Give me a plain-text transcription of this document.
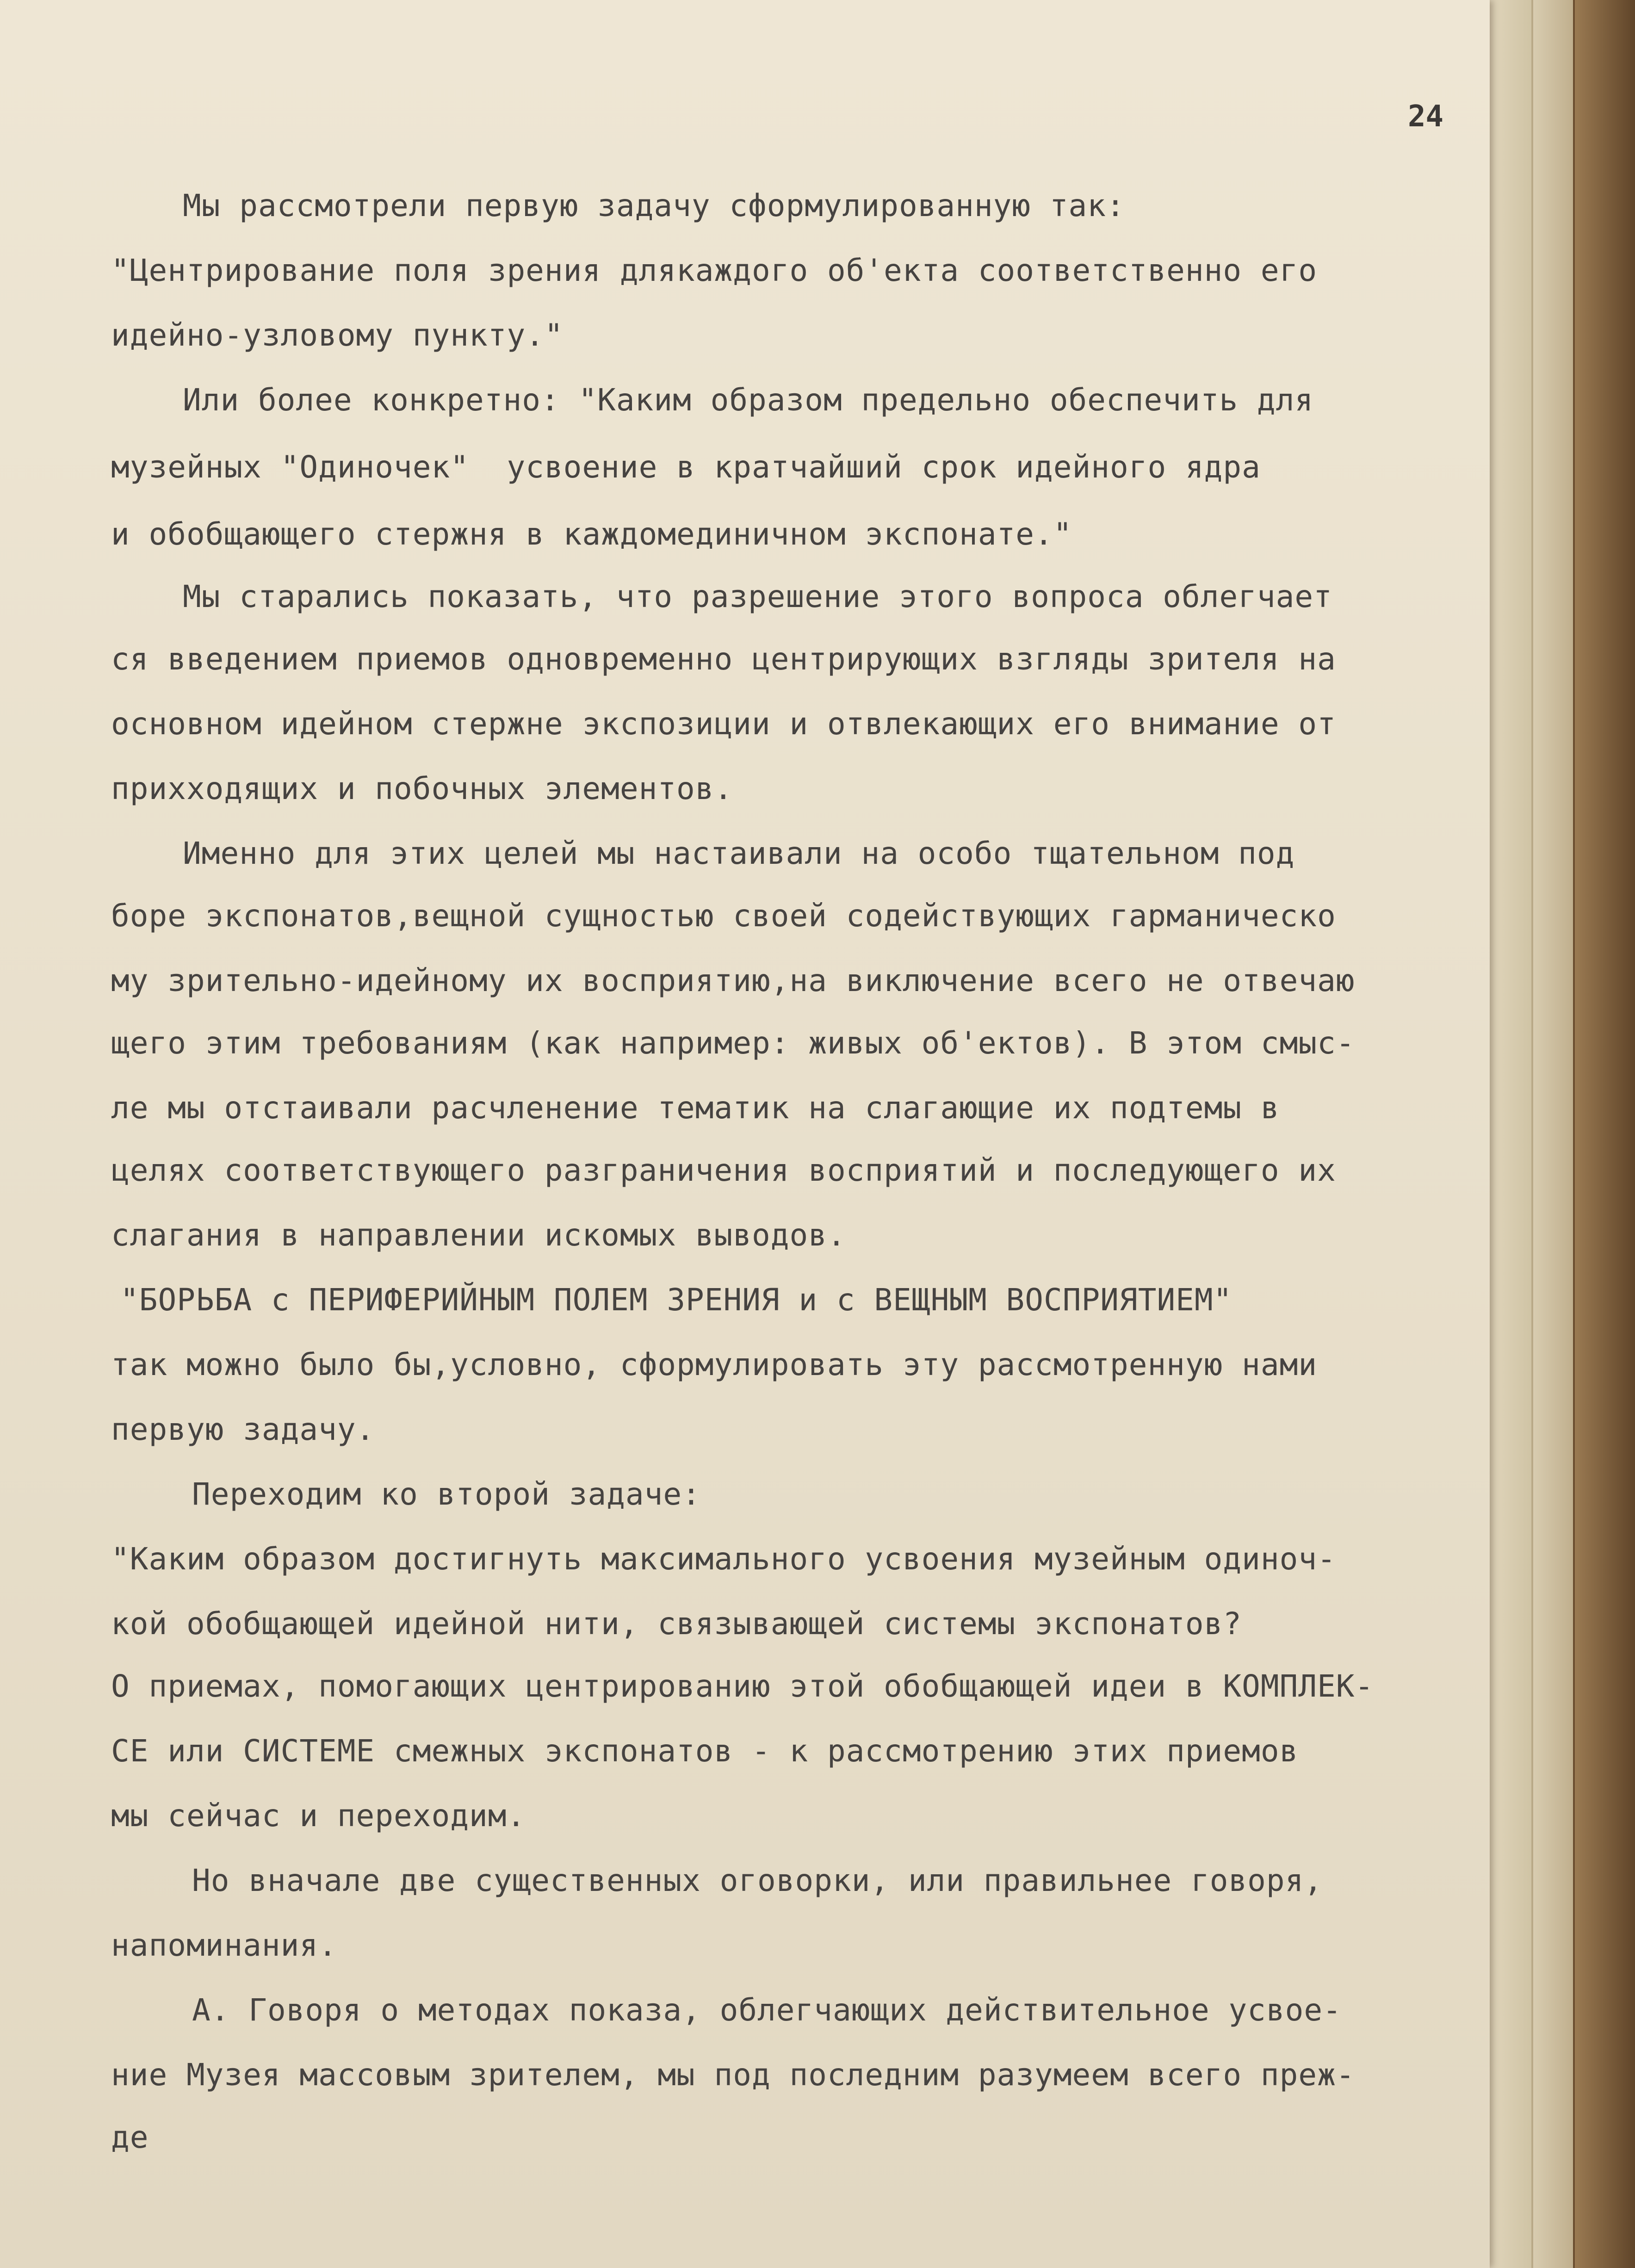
24
Мы рассмотрели первую задачу сформулированную так:
"Центрирование поля зрения длякаждого об'екта соответственно его
идейно-узловому пункту."
Или более конкретно: "Каким образом предельно обеспечить для
музейных "Одиночек"  усвоение в кратчайший срок идейного ядра
и обобщающего стержня в каждомединичном экспонате."
Мы старались показать, что разрешение этого вопроса облегчает
ся введением приемов одновременно центрирующих взгляды зрителя на
основном идейном стержне экспозиции и отвлекающих его внимание от
прихходящих и побочных элементов.
Именно для этих целей мы настаивали на особо тщательном под
боре экспонатов,вещной сущностью своей содействующих гарманическо
му зрительно-идейному их восприятию,на виключение всего не отвечаю
щего этим требованиям (как например: живых об'ектов). В этом смыс-
ле мы отстаивали расчленение тематик на слагающие их подтемы в
целях соответствующего разграничения восприятий и последующего их
слагания в направлении искомых выводов.
"БОРЬБА с ПЕРИФЕРИЙНЫМ ПОЛЕМ ЗРЕНИЯ и с ВЕЩНЫМ ВОСПРИЯТИЕМ"
так можно было бы,условно, сформулировать эту рассмотренную нами
первую задачу.
Переходим ко второй задаче:
"Каким образом достигнуть максимального усвоения музейным одиноч-
кой обобщающей идейной нити, связывающей системы экспонатов?
О приемах, помогающих центрированию этой обобщающей идеи в КОМПЛЕК-
СЕ или СИСТЕМЕ смежных экспонатов - к рассмотрению этих приемов
мы сейчас и переходим.
Но вначале две существенных оговорки, или правильнее говоря,
напоминания.
А. Говоря о методах показа, облегчающих действительное усвое-
ние Музея массовым зрителем, мы под последним разумеем всего преж-
де
